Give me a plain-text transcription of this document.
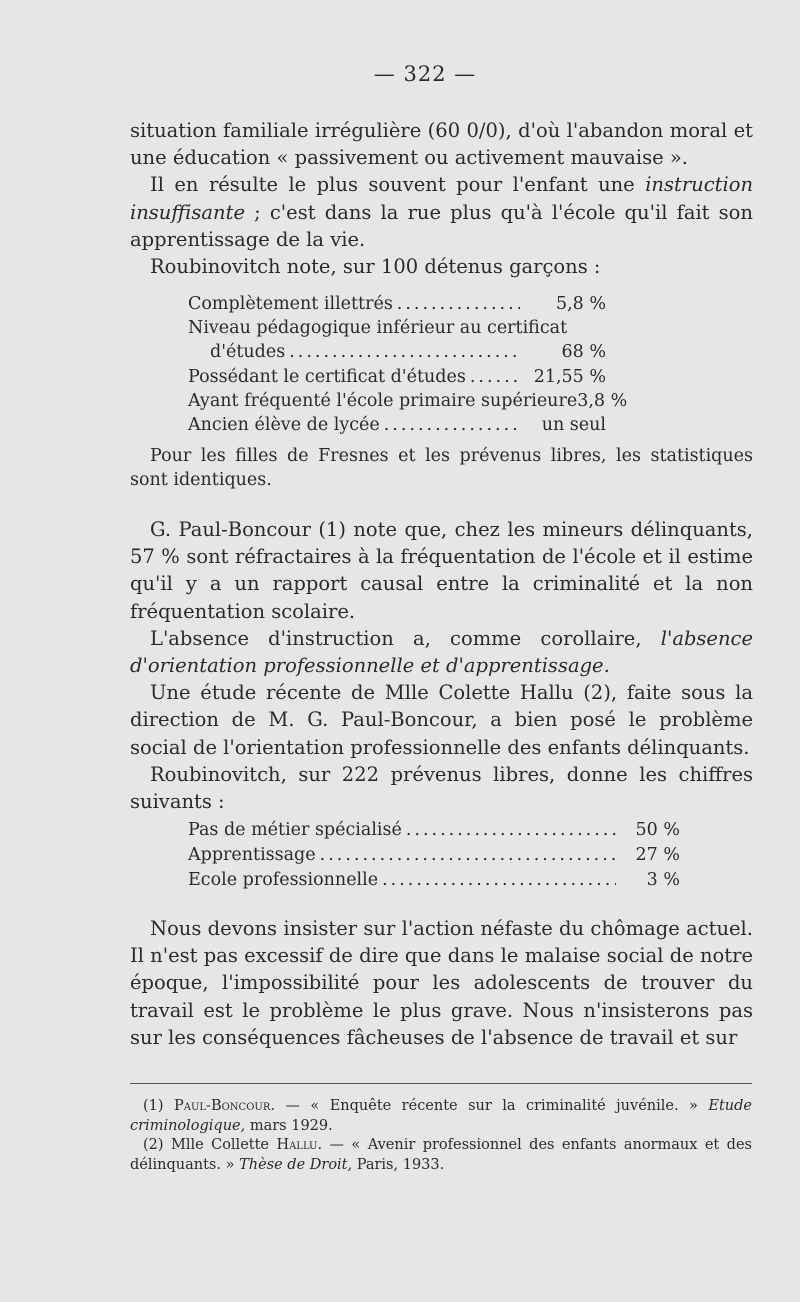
— 322 —

situation familiale irrégulière (60 0/0), d'où l'abandon moral et une éducation « passivement ou activement mauvaise ».

Il en résulte le plus souvent pour l'enfant une instruction insuffisante ; c'est dans la rue plus qu'à l'école qu'il fait son apprentissage de la vie.

Roubinovitch note, sur 100 détenus garçons :

Complètement illettrés .....	5,8 %
Niveau pédagogique inférieur au certificat
d'études .....	68 %
Possédant le certificat d'études .....	21,55 %
Ayant fréquenté l'école primaire supérieure 3,8 %
Ancien élève de lycée .....	un seul

Pour les filles de Fresnes et les prévenus libres, les statistiques sont identiques.

G. Paul-Boncour (1) note que, chez les mineurs délinquants, 57 % sont réfractaires à la fréquentation de l'école et il estime qu'il y a un rapport causal entre la criminalité et la non fréquentation scolaire.

L'absence d'instruction a, comme corollaire, l'absence d'orientation professionnelle et d'apprentissage.

Une étude récente de Mlle Colette Hallu (2), faite sous la direction de M. G. Paul-Boncour, a bien posé le problème social de l'orientation professionnelle des enfants délinquants.

Roubinovitch, sur 222 prévenus libres, donne les chiffres suivants :

Pas de métier spécialisé .....	50 %
Apprentissage .....	27 %
Ecole professionnelle .....	3 %

Nous devons insister sur l'action néfaste du chômage actuel. Il n'est pas excessif de dire que dans le malaise social de notre époque, l'impossibilité pour les adolescents de trouver du travail est le problème le plus grave. Nous n'insisterons pas sur les conséquences fâcheuses de l'absence de travail et sur

(1) Paul-Boncour. — « Enquête récente sur la criminalité juvénile. » Etude criminologique, mars 1929.

(2) Mlle Collette Hallu. — « Avenir professionnel des enfants anormaux et des délinquants. » Thèse de Droit, Paris, 1933.
